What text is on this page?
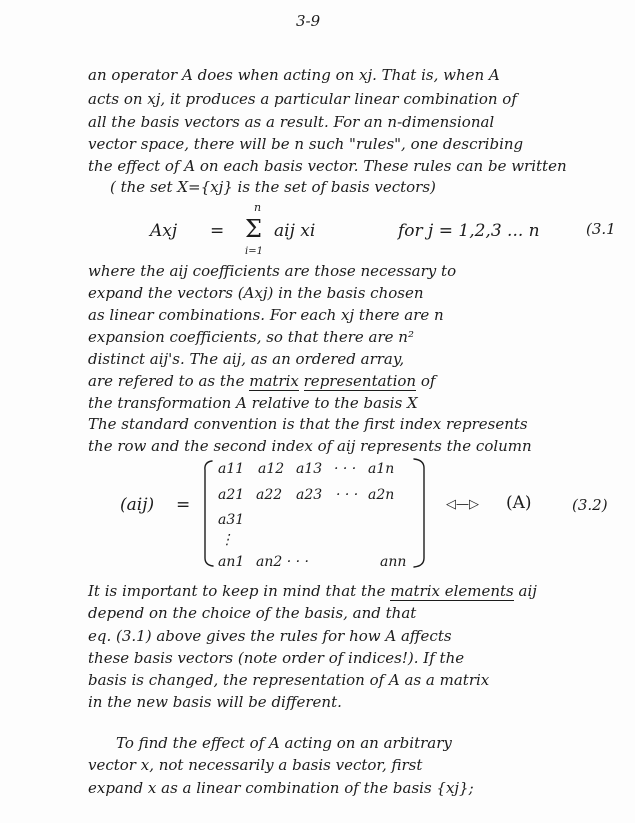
3-9
an operator A does when acting on xj. That is, when A
acts on xj, it produces a particular linear combination of
all the basis vectors as a result. For an n-dimensional
vector space, there will be n such "rules", one describing
the effect of A on each basis vector. These rules can be written
( the set X={xj} is the set of basis vectors)
Axj =
n
Σ
i=1
aij xi	for j = 1,2,3 ... n	(3.1
where the aij coefficients are those necessary to
expand the vectors (Axj) in the basis chosen
as linear combinations. For each xj there are n
expansion coefficients, so that there are n²
distinct aij's. The aij, as an ordered array,
are refered to as the matrix representation of
the transformation A relative to the basis X
The standard convention is that the first index represents
the row and the second index of aij represents the column
(aij) =
a11 a12 a13 · · · a1n
a21 a22 a23 · · · a2n
a31
⋮
an1 an2 · · ·	ann
◁—▷ (A)	(3.2)
It is important to keep in mind that the matrix elements aij
depend on the choice of the basis, and that
eq. (3.1) above gives the rules for how A affects
these basis vectors (note order of indices!). If the
basis is changed, the representation of A as a matrix
in the new basis will be different.
To find the effect of A acting on an arbitrary
vector x, not necessarily a basis vector, first
expand x as a linear combination of the basis {xj};
